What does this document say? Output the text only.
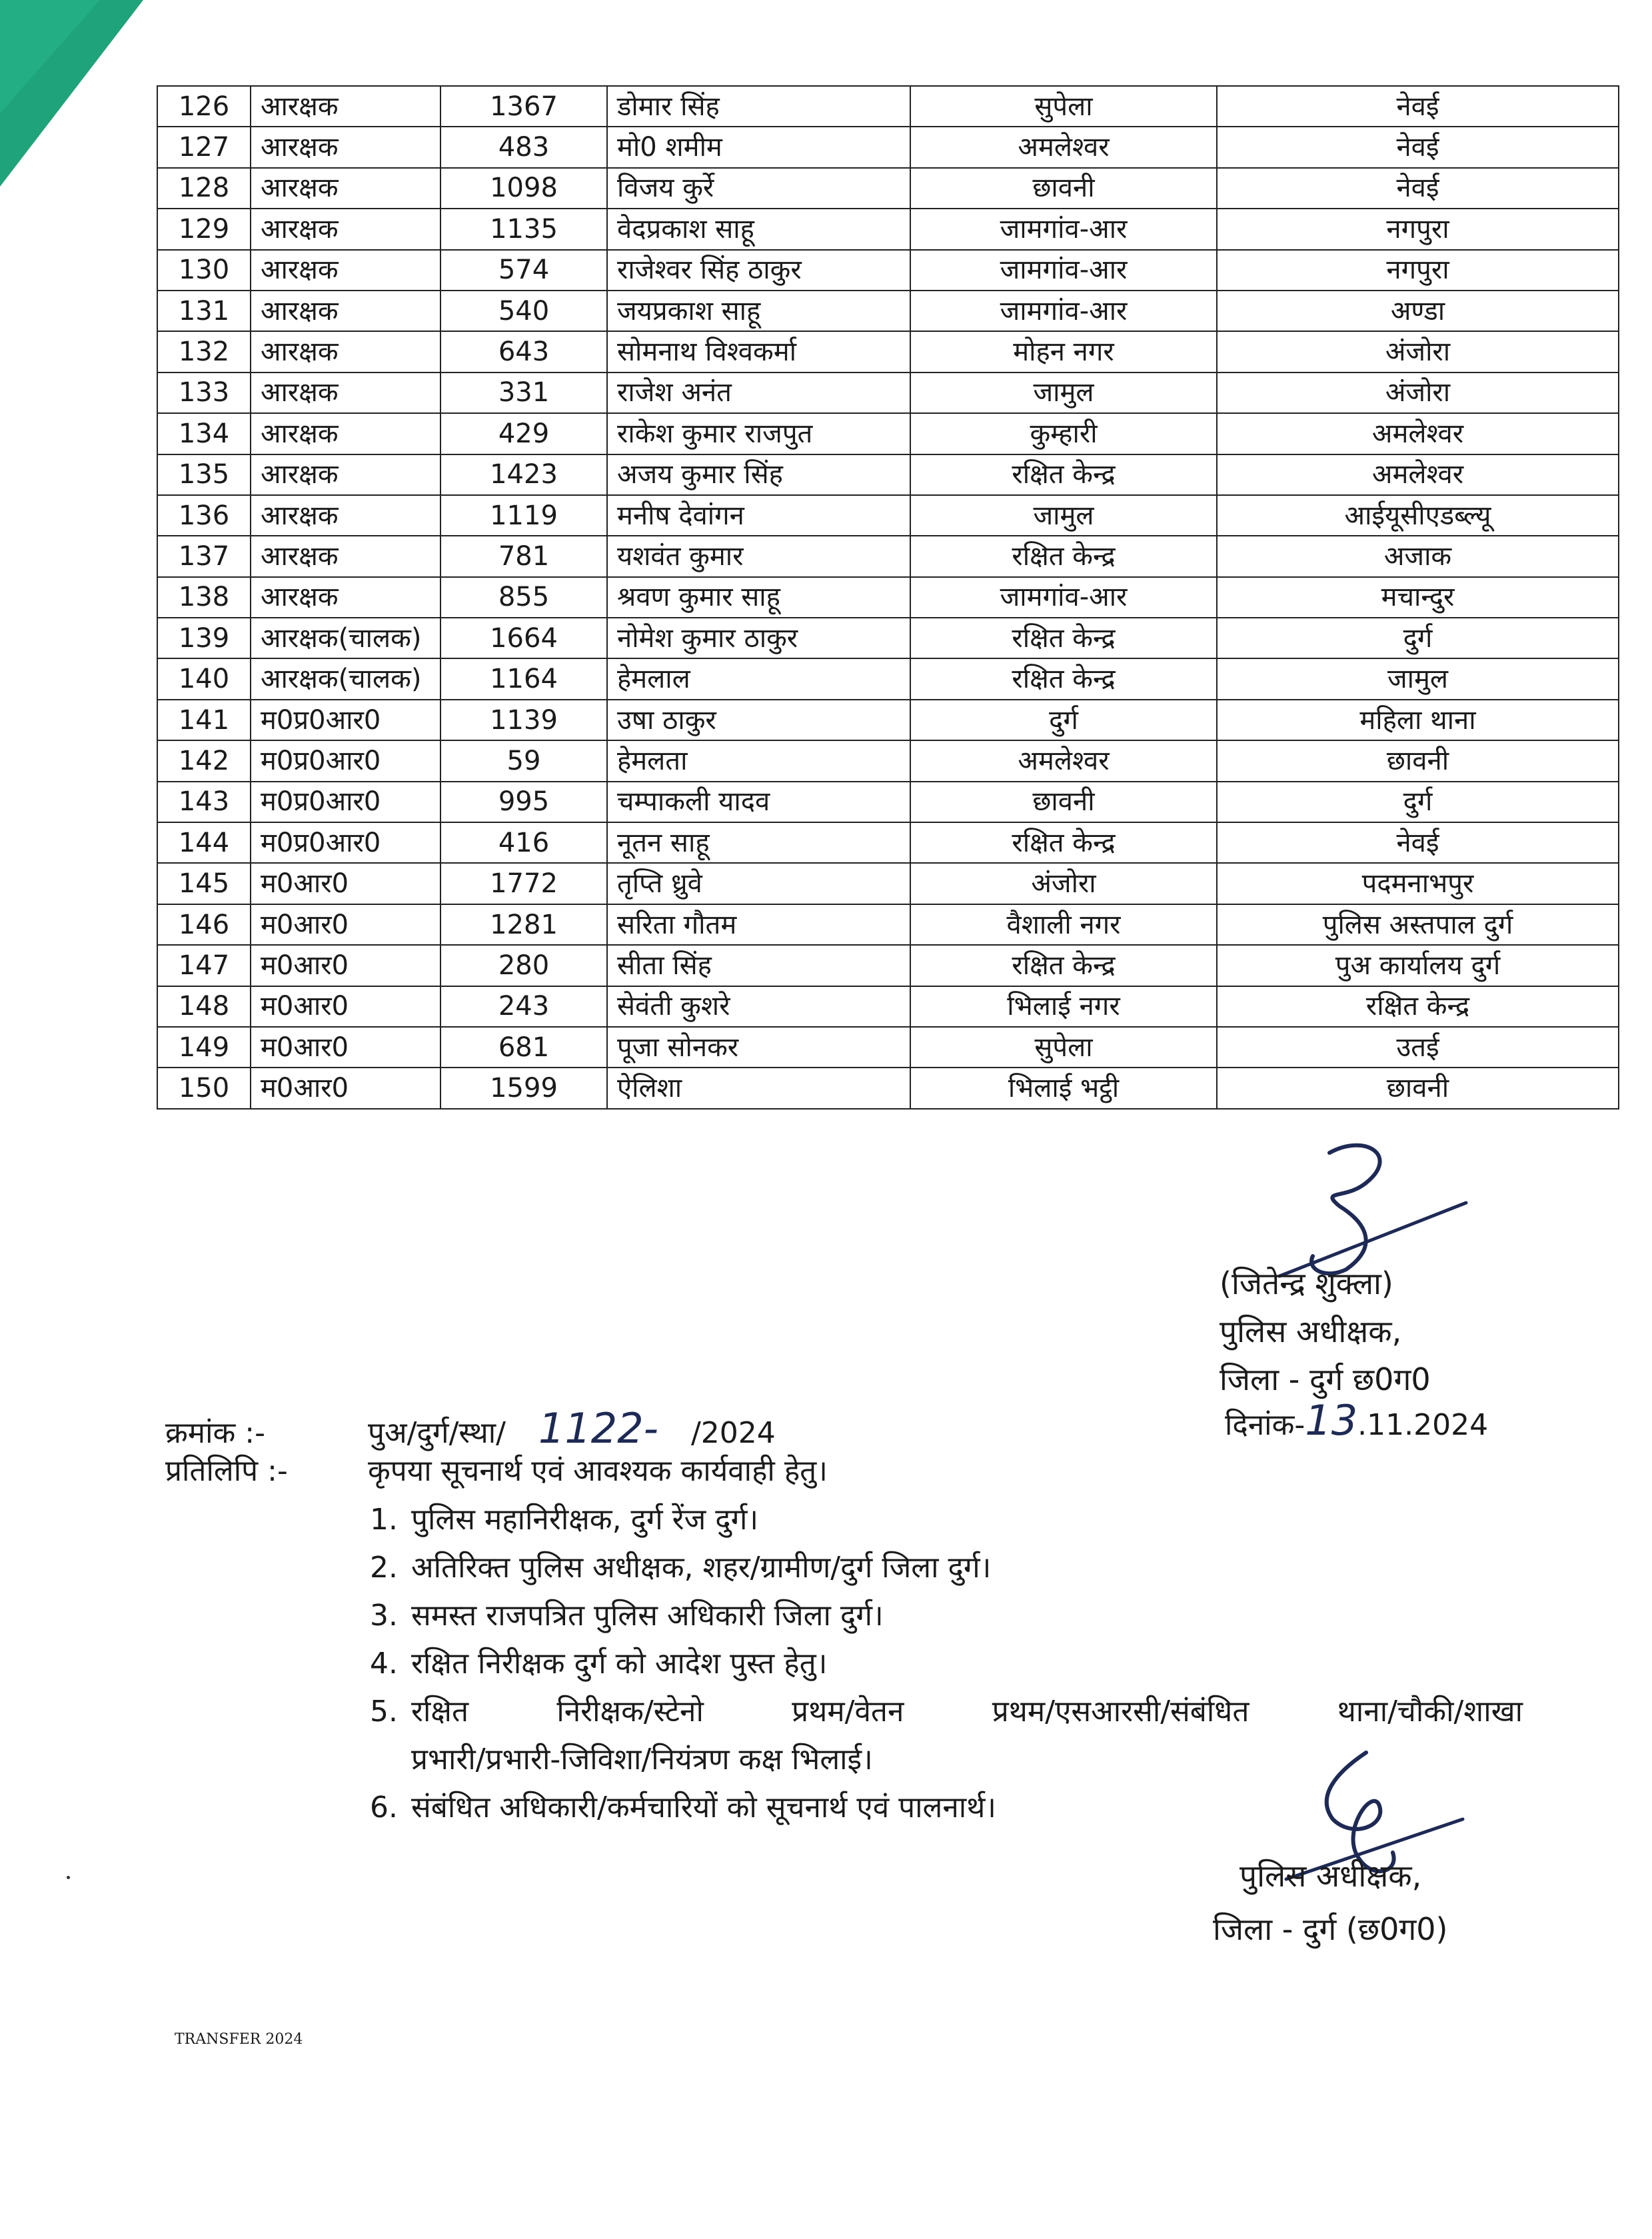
126	आरक्षक	1367	डोमार सिंह	सुपेला	नेवई
127	आरक्षक	483	मो0 शमीम	अमलेश्वर	नेवई
128	आरक्षक	1098	विजय कुर्रे	छावनी	नेवई
129	आरक्षक	1135	वेदप्रकाश साहू	जामगांव-आर	नगपुरा
130	आरक्षक	574	राजेश्वर सिंह ठाकुर	जामगांव-आर	नगपुरा
131	आरक्षक	540	जयप्रकाश साहू	जामगांव-आर	अण्डा
132	आरक्षक	643	सोमनाथ विश्वकर्मा	मोहन नगर	अंजोरा
133	आरक्षक	331	राजेश अनंत	जामुल	अंजोरा
134	आरक्षक	429	राकेश कुमार राजपुत	कुम्हारी	अमलेश्वर
135	आरक्षक	1423	अजय कुमार सिंह	रक्षित केन्द्र	अमलेश्वर
136	आरक्षक	1119	मनीष देवांगन	जामुल	आईयूसीएडब्ल्यू
137	आरक्षक	781	यशवंत कुमार	रक्षित केन्द्र	अजाक
138	आरक्षक	855	श्रवण कुमार साहू	जामगांव-आर	मचान्दुर
139	आरक्षक(चालक)	1664	नोमेश कुमार ठाकुर	रक्षित केन्द्र	दुर्ग
140	आरक्षक(चालक)	1164	हेमलाल	रक्षित केन्द्र	जामुल
141	म0प्र0आर0	1139	उषा ठाकुर	दुर्ग	महिला थाना
142	म0प्र0आर0	59	हेमलता	अमलेश्वर	छावनी
143	म0प्र0आर0	995	चम्पाकली यादव	छावनी	दुर्ग
144	म0प्र0आर0	416	नूतन साहू	रक्षित केन्द्र	नेवई
145	म0आर0	1772	तृप्ति ध्रुवे	अंजोरा	पदमनाभपुर
146	म0आर0	1281	सरिता गौतम	वैशाली नगर	पुलिस अस्तपाल दुर्ग
147	म0आर0	280	सीता सिंह	रक्षित केन्द्र	पुअ कार्यालय दुर्ग
148	म0आर0	243	सेवंती कुशरे	भिलाई नगर	रक्षित केन्द्र
149	म0आर0	681	पूजा सोनकर	सुपेला	उतई
150	म0आर0	1599	ऐलिशा	भिलाई भट्ठी	छावनी
(जितेन्द्र शुक्ला)
पुलिस अधीक्षक,
जिला - दुर्ग छ0ग0
दिनांक-13.11.2024
क्रमांक :-	पुअ/दुर्ग/स्था/ 1122- /2024
प्रतिलिपि :-	कृपया सूचनार्थ एवं आवश्यक कार्यवाही हेतु।
1. पुलिस महानिरीक्षक, दुर्ग रेंज दुर्ग।
2. अतिरिक्त पुलिस अधीक्षक, शहर/ग्रामीण/दुर्ग जिला दुर्ग।
3. समस्त राजपत्रित पुलिस अधिकारी जिला दुर्ग।
4. रक्षित निरीक्षक दुर्ग को आदेश पुस्त हेतु।
5. रक्षित निरीक्षक/स्टेनो प्रथम/वेतन प्रथम/एसआरसी/संबंधित थाना/चौकी/शाखा
प्रभारी/प्रभारी-जिविशा/नियंत्रण कक्ष भिलाई।
6. संबंधित अधिकारी/कर्मचारियों को सूचनार्थ एवं पालनार्थ।
पुलिस अधीक्षक,
जिला - दुर्ग (छ0ग0)
TRANSFER 2024
